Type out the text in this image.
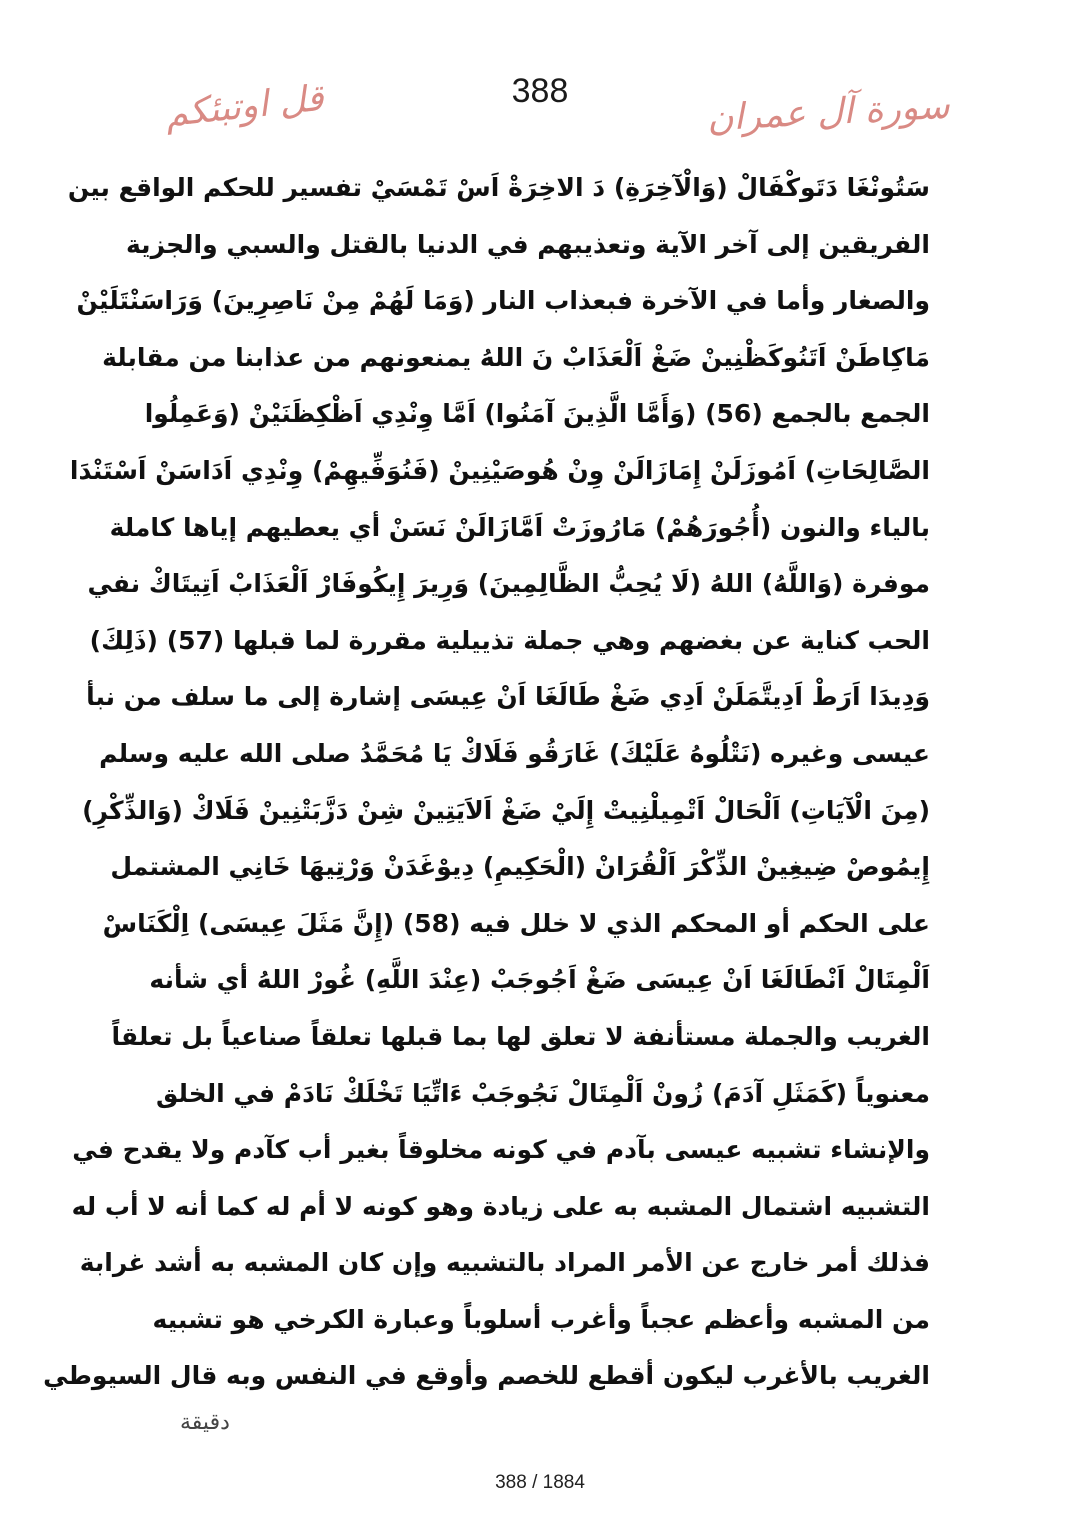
388
قل اوتبئكم	سورة آل عمران
سَتُونْغَا دَتَوكْفَالْ (وَالْآخِرَةِ) دَ الاخِرَةْ اَسْ تَمْسَيْ تفسير للحكم الواقع بين
الفريقين إلى آخر الآية وتعذيبهم في الدنيا بالقتل والسبي والجزية
والصغار وأما في الآخرة فبعذاب النار (وَمَا لَهُمْ مِنْ نَاصِرِينَ) وَرَاسَنْتَلَيْنْ
مَاكِاطَنْ اَتَنُوكَظْنِينْ ضَغْ اَلْعَذَابْ نَ اللهُ يمنعونهم من عذابنا من مقابلة
الجمع بالجمع (56) (وَأَمَّا الَّذِينَ آمَنُوا) اَمَّا وِنْدِي اَظْكِظَنَيْنْ (وَعَمِلُوا
الصَّالِحَاتِ) اَمُوزَلَنْ إِمَازَالَنْ وِنْ هُوصَيْنِينْ (فَنُوَفِّيهِمْ) وِنْدِي اَدَاسَنْ اَسْتَنْدَا
بالياء والنون (أُجُورَهُمْ) مَارُوزَتْ اَمَّازَالَنْ نَسَنْ أي يعطيهم إياها كاملة
موفرة (وَاللَّهُ) اللهُ (لَا يُحِبُّ الظَّالِمِينَ) وَرِيرَ إِيكُوفَارْ اَلْعَذَابْ اَتِيتَاكْ نفي
الحب كناية عن بغضهم وهي جملة تذييلية مقررة لما قبلها (57) (ذَلِكَ)
وَدِيدَا اَرَطْ اَدِيتَّمَلَنْ اَدِي ضَغْ طَالَغَا اَنْ عِيسَى إشارة إلى ما سلف من نبأ
عيسى وغيره (نَتْلُوهُ عَلَيْكَ) غَارَقُو فَلَاكْ يَا مُحَمَّدُ صلى الله عليه وسلم
(مِنَ الْآيَاتِ) اَلْحَالْ اَتْمِيلْنِيتْ إِلَيْ ضَغْ اَلاَيَتِينْ شِنْ دَزَّبَتْنِينْ فَلَاكْ (وَالذِّكْرِ)
إِيمُوصْ ضِيغِينْ الذِّكْرَ اَلْقُرَانْ (الْحَكِيمِ) دِيوْغَدَنْ وَرْتِيهَا خَانِي المشتمل
على الحكم أو المحكم الذي لا خلل فيه (58) (إِنَّ مَثَلَ عِيسَى) اِلْكَنَاسْ
اَلْمِتَالْ اَنْطَالَغَا اَنْ عِيسَى ضَغْ اَجُوجَبْ (عِنْدَ اللَّهِ) غُورْ اللهُ أي شأنه
الغريب والجملة مستأنفة لا تعلق لها بما قبلها تعلقاً صناعياً بل تعلقاً
معنوياً (كَمَثَلِ آدَمَ) زُونْ اَلْمِتَالْ نَجُوجَبْ ءَاتِّيَا تَخْلَكْ نَادَمْ في الخلق
والإنشاء تشبيه عيسى بآدم في كونه مخلوقاً بغير أب كآدم ولا يقدح في
التشبيه اشتمال المشبه به على زيادة وهو كونه لا أم له كما أنه لا أب له
فذلك أمر خارج عن الأمر المراد بالتشبيه وإن كان المشبه به أشد غرابة
من المشبه وأعظم عجباً وأغرب أسلوباً وعبارة الكرخي هو تشبيه
الغريب بالأغرب ليكون أقطع للخصم وأوقع في النفس وبه قال السيوطي
دقيقة
388 / 1884
